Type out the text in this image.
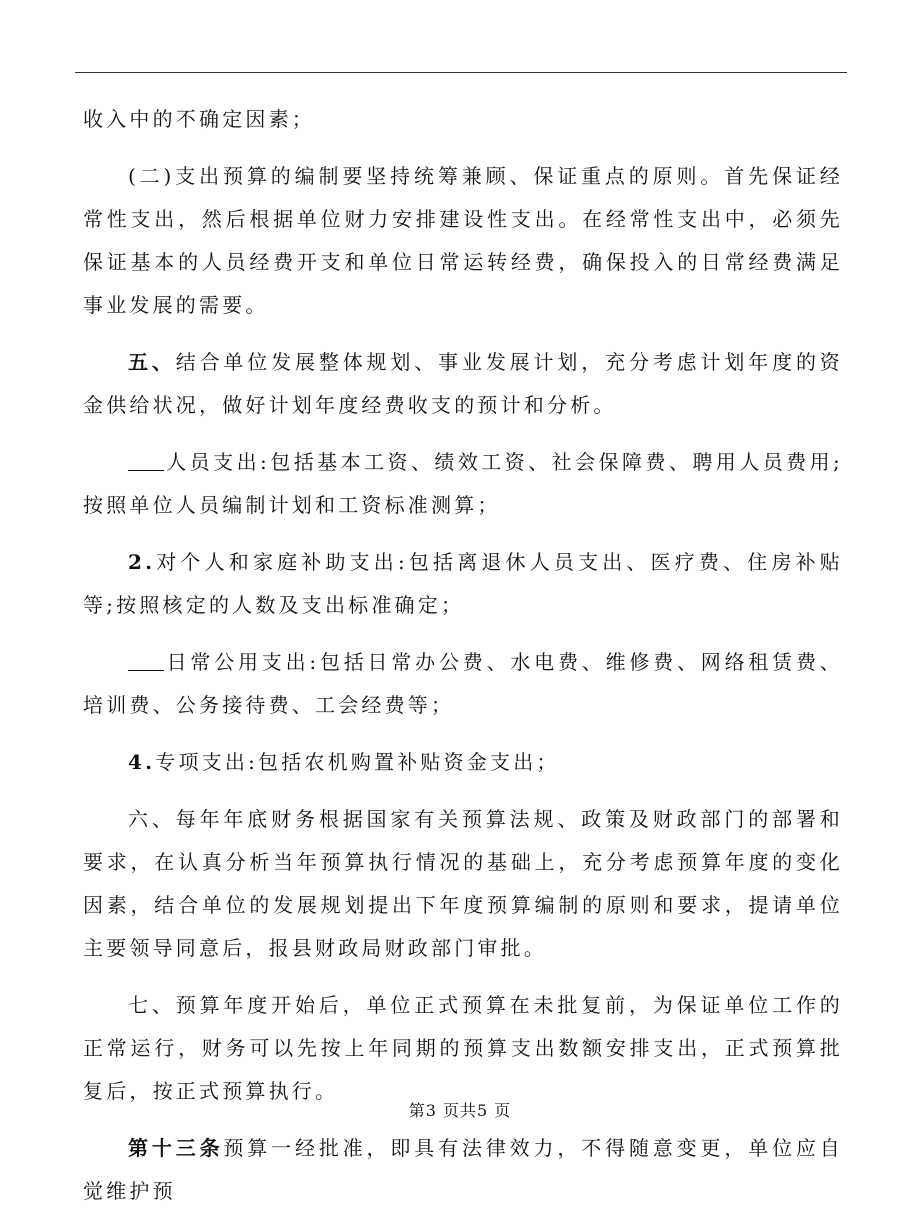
收入中的不确定因素；

(二)支出预算的编制要坚持统筹兼顾、保证重点的原则。首先保证经常性支出，然后根据单位财力安排建设性支出。在经常性支出中，必须先保证基本的人员经费开支和单位日常运转经费，确保投入的日常经费满足事业发展的需要。

五、结合单位发展整体规划、事业发展计划，充分考虑计划年度的资金供给状况，做好计划年度经费收支的预计和分析。

人员支出:包括基本工资、绩效工资、社会保障费、聘用人员费用;按照单位人员编制计划和工资标准测算；

2.对个人和家庭补助支出:包括离退休人员支出、医疗费、住房补贴等;按照核定的人数及支出标准确定；

日常公用支出:包括日常办公费、水电费、维修费、网络租赁费、培训费、公务接待费、工会经费等；

4.专项支出:包括农机购置补贴资金支出；

六、每年年底财务根据国家有关预算法规、政策及财政部门的部署和要求，在认真分析当年预算执行情况的基础上，充分考虑预算年度的变化因素，结合单位的发展规划提出下年度预算编制的原则和要求，提请单位主要领导同意后，报县财政局财政部门审批。

七、预算年度开始后，单位正式预算在未批复前，为保证单位工作的正常运行，财务可以先按上年同期的预算支出数额安排支出，正式预算批复后，按正式预算执行。

第十三条预算一经批准，即具有法律效力，不得随意变更，单位应自觉维护预

第3 页共5 页
